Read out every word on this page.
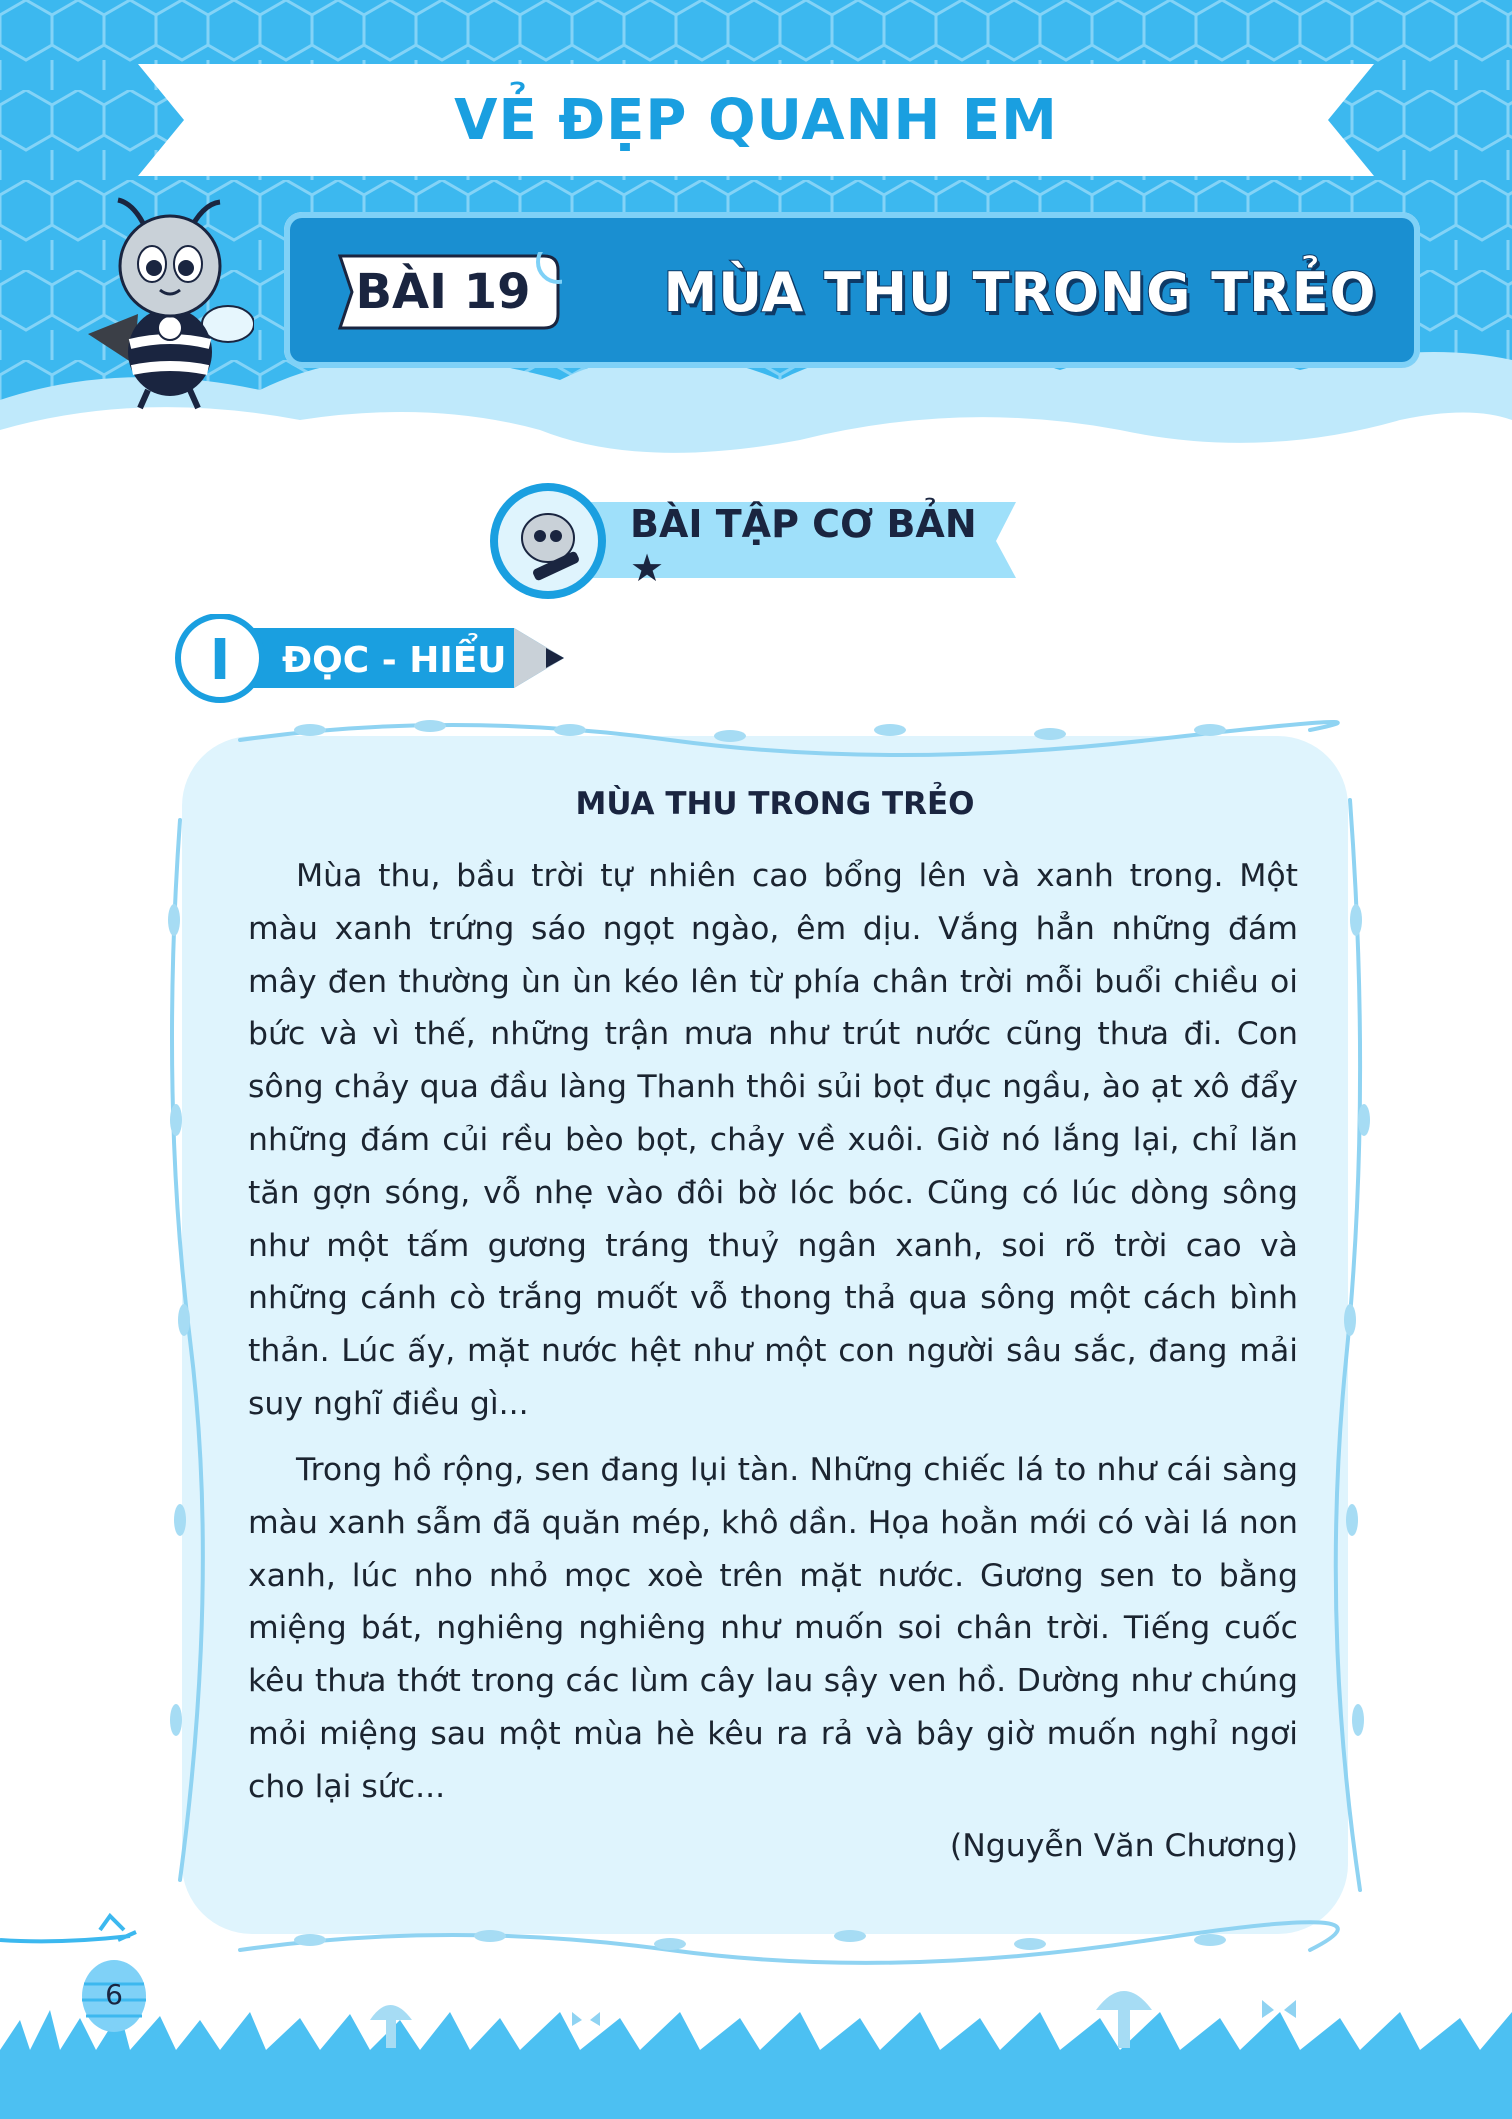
VẺ ĐẸP QUANH EM
BÀI 19	MÙA THU TRONG TRẺO
BÀI TẬP CƠ BẢN ★
I	ĐỌC - HIỂU
MÙA THU TRONG TRẺO

Mùa thu, bầu trời tự nhiên cao bổng lên và xanh trong. Một màu xanh trứng sáo ngọt ngào, êm dịu. Vắng hẳn những đám mây đen thường ùn ùn kéo lên từ phía chân trời mỗi buổi chiều oi bức và vì thế, những trận mưa như trút nước cũng thưa đi. Con sông chảy qua đầu làng Thanh thôi sủi bọt đục ngầu, ào ạt xô đẩy những đám củi rều bèo bọt, chảy về xuôi. Giờ nó lắng lại, chỉ lăn tăn gợn sóng, vỗ nhẹ vào đôi bờ lóc bóc. Cũng có lúc dòng sông như một tấm gương tráng thuỷ ngân xanh, soi rõ trời cao và những cánh cò trắng muốt vỗ thong thả qua sông một cách bình thản. Lúc ấy, mặt nước hệt như một con người sâu sắc, đang mải suy nghĩ điều gì...

Trong hồ rộng, sen đang lụi tàn. Những chiếc lá to như cái sàng màu xanh sẫm đã quăn mép, khô dần. Họa hoằn mới có vài lá non xanh, lúc nho nhỏ mọc xoè trên mặt nước. Gương sen to bằng miệng bát, nghiêng nghiêng như muốn soi chân trời. Tiếng cuốc kêu thưa thớt trong các lùm cây lau sậy ven hồ. Dường như chúng mỏi miệng sau một mùa hè kêu ra rả và bây giờ muốn nghỉ ngơi cho lại sức...

(Nguyễn Văn Chương)
6
